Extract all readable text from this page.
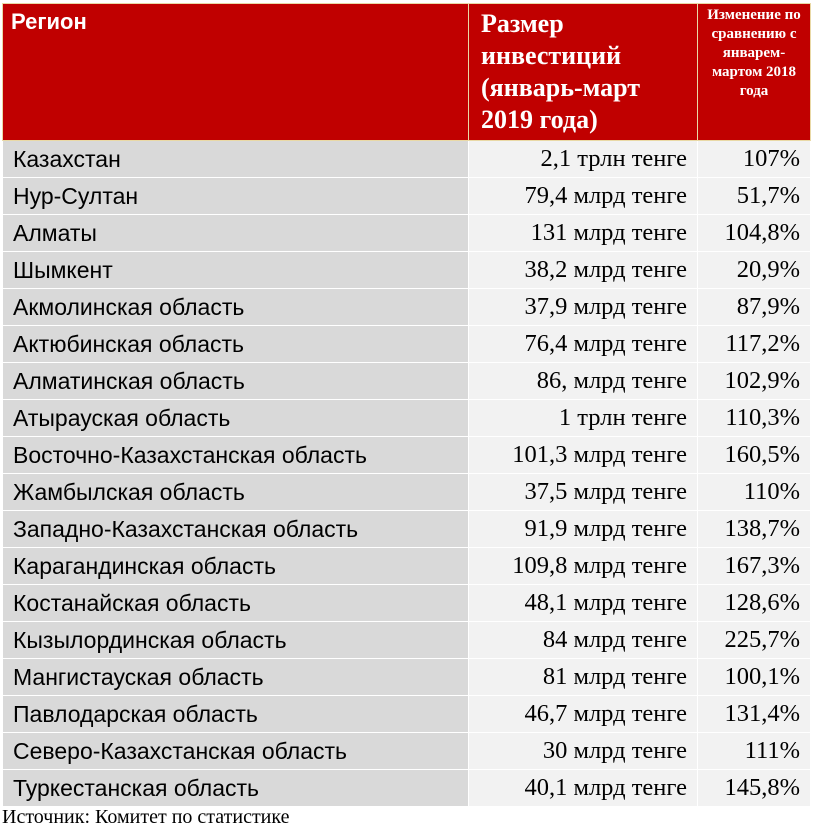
Регион	Размер инвестиций (январь-март 2019 года)	Изменение по сравнению с январем-мартом 2018 года
Казахстан	2,1 трлн тенге	107%
Нур-Султан	79,4 млрд тенге	51,7%
Алматы	131 млрд тенге	104,8%
Шымкент	38,2 млрд тенге	20,9%
Акмолинская область	37,9 млрд тенге	87,9%
Актюбинская область	76,4 млрд тенге	117,2%
Алматинская область	86, млрд тенге	102,9%
Атырауская область	1 трлн тенге	110,3%
Восточно-Казахстанская область	101,3 млрд тенге	160,5%
Жамбылская область	37,5 млрд тенге	110%
Западно-Казахстанская область	91,9 млрд тенге	138,7%
Карагандинская область	109,8 млрд тенге	167,3%
Костанайская область	48,1 млрд тенге	128,6%
Кызылординская область	84 млрд тенге	225,7%
Мангистауская область	81 млрд тенге	100,1%
Павлодарская область	46,7 млрд тенге	131,4%
Северо-Казахстанская область	30 млрд тенге	111%
Туркестанская область	40,1 млрд тенге	145,8%
Источник: Комитет по статистике
